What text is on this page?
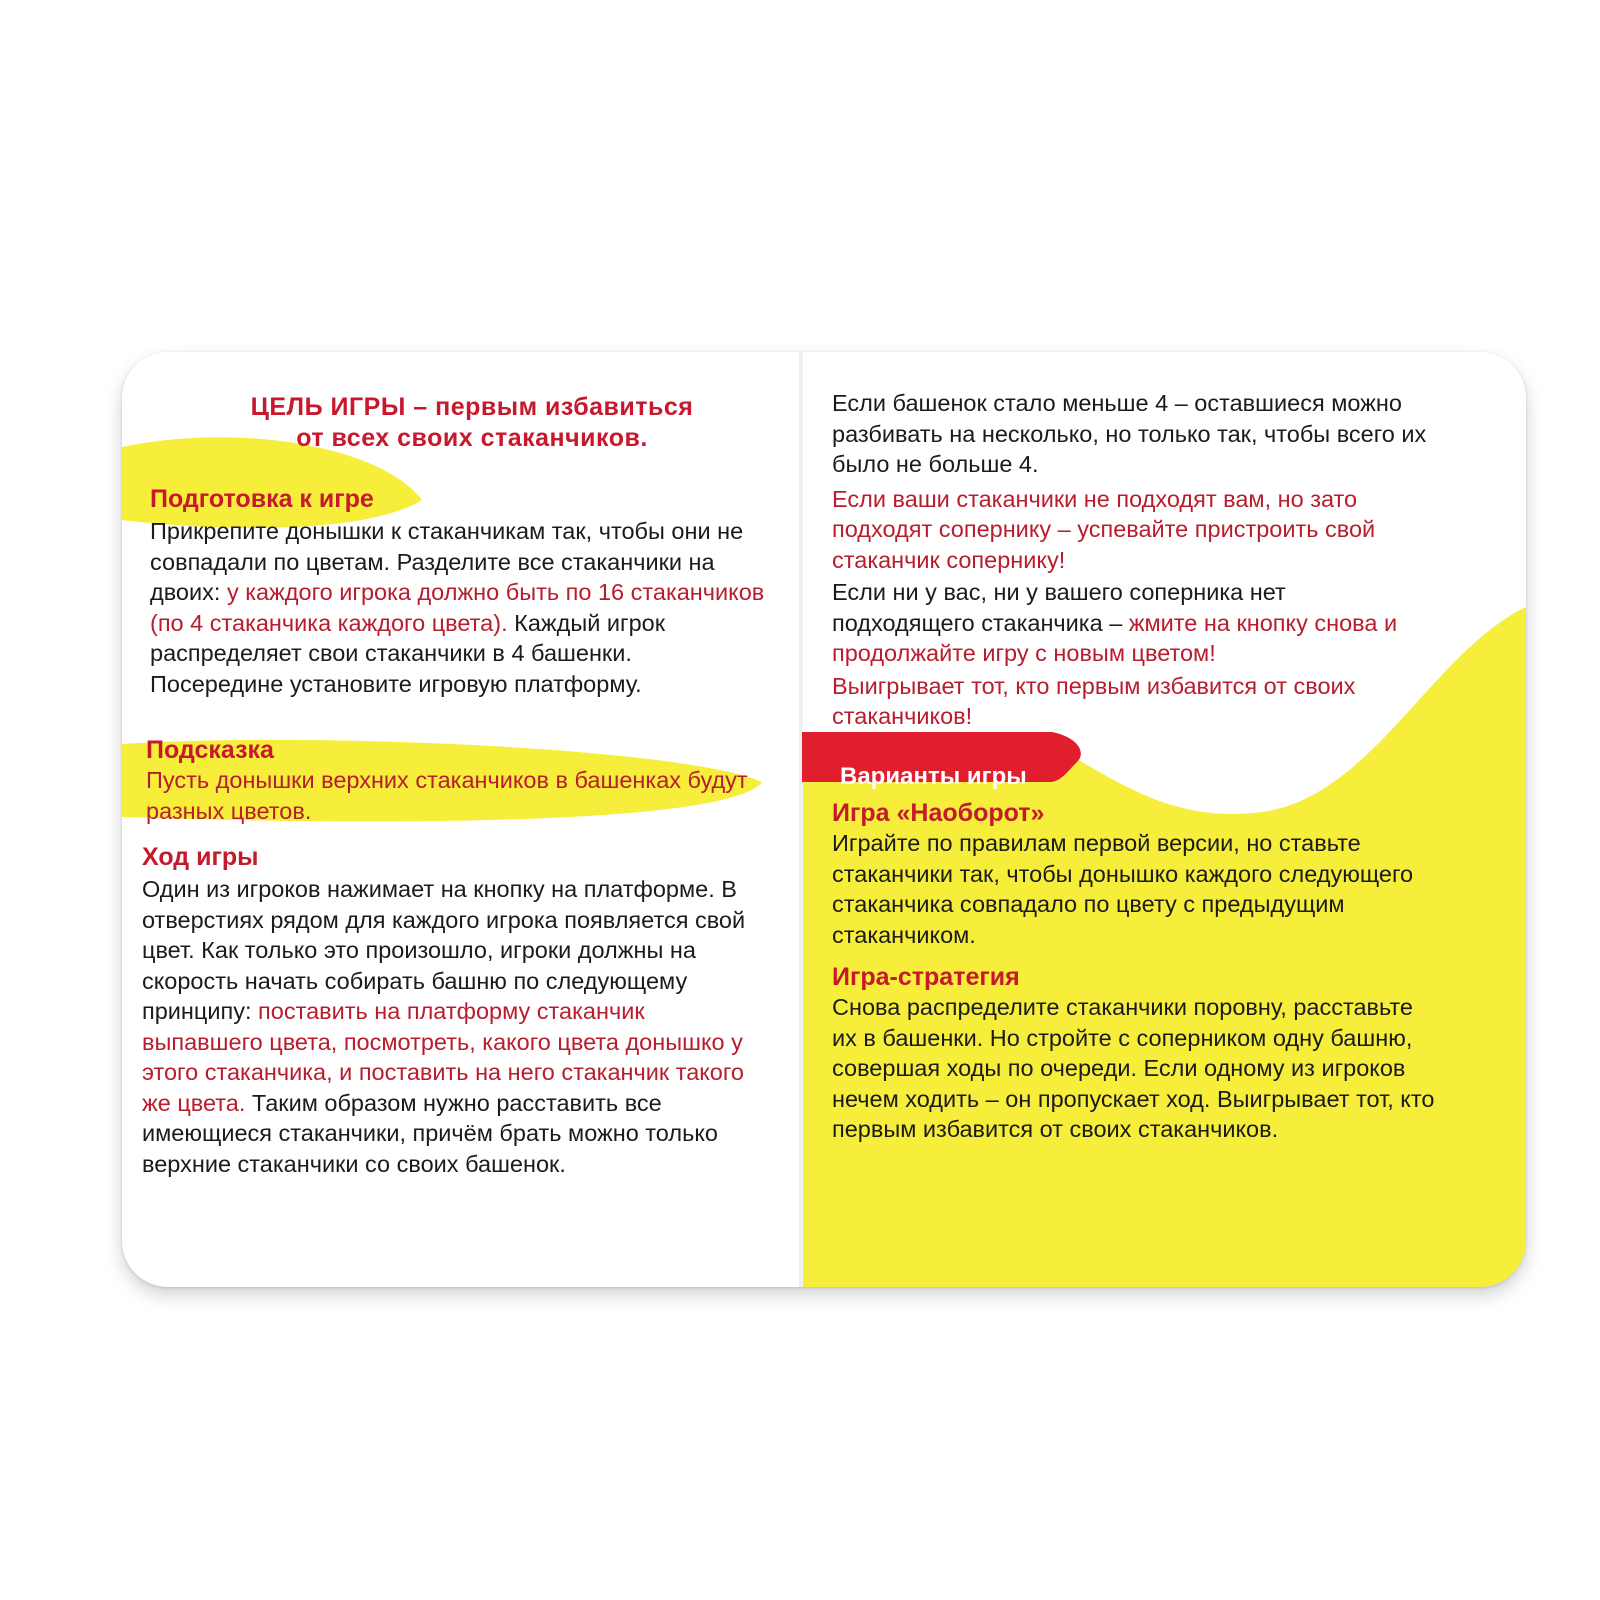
ЦЕЛЬ ИГРЫ – первым избавиться

от всех своих стаканчиков.

Подготовка к игре

Прикрепите донышки к стаканчикам так, чтобы они не совпадали по цветам. Разделите все стаканчики на двоих: у каждого игрока должно быть по 16 стаканчиков (по 4 стаканчика каждого цвета). Каждый игрок распределяет свои стаканчики в 4 башенки. Посередине установите игровую платформу.

Подсказка

Пусть донышки верхних стаканчиков в башенках будут разных цветов.

Ход игры

Один из игроков нажимает на кнопку на платформе. В отверстиях рядом для каждого игрока появляется свой цвет. Как только это произошло, игроки должны на скорость начать собирать башню по следующему принципу: поставить на платформу стаканчик выпавшего цвета, посмотреть, какого цвета донышко у этого стаканчика, и поставить на него стаканчик такого же цвета. Таким образом нужно расставить все имеющиеся стаканчики, причём брать можно только верхние стаканчики со своих башенок.

Если башенок стало меньше 4 – оставшиеся можно разбивать на несколько, но только так, чтобы всего их было не больше 4.

Если ваши стаканчики не подходят вам, но зато подходят сопернику – успевайте пристроить свой стаканчик сопернику!

Если ни у вас, ни у вашего соперника нет подходящего стаканчика – жмите на кнопку снова и продолжайте игру с новым цветом!

Выигрывает тот, кто первым избавится от своих стаканчиков!

Варианты игры

Игра «Наоборот»

Играйте по правилам первой версии, но ставьте стаканчики так, чтобы донышко каждого следующего стаканчика совпадало по цвету с предыдущим стаканчиком.

Игра-стратегия

Снова распределите стаканчики поровну, расставьте их в башенки. Но стройте с соперником одну башню, совершая ходы по очереди. Если одному из игроков нечем ходить – он пропускает ход. Выигрывает тот, кто первым избавится от своих стаканчиков.
